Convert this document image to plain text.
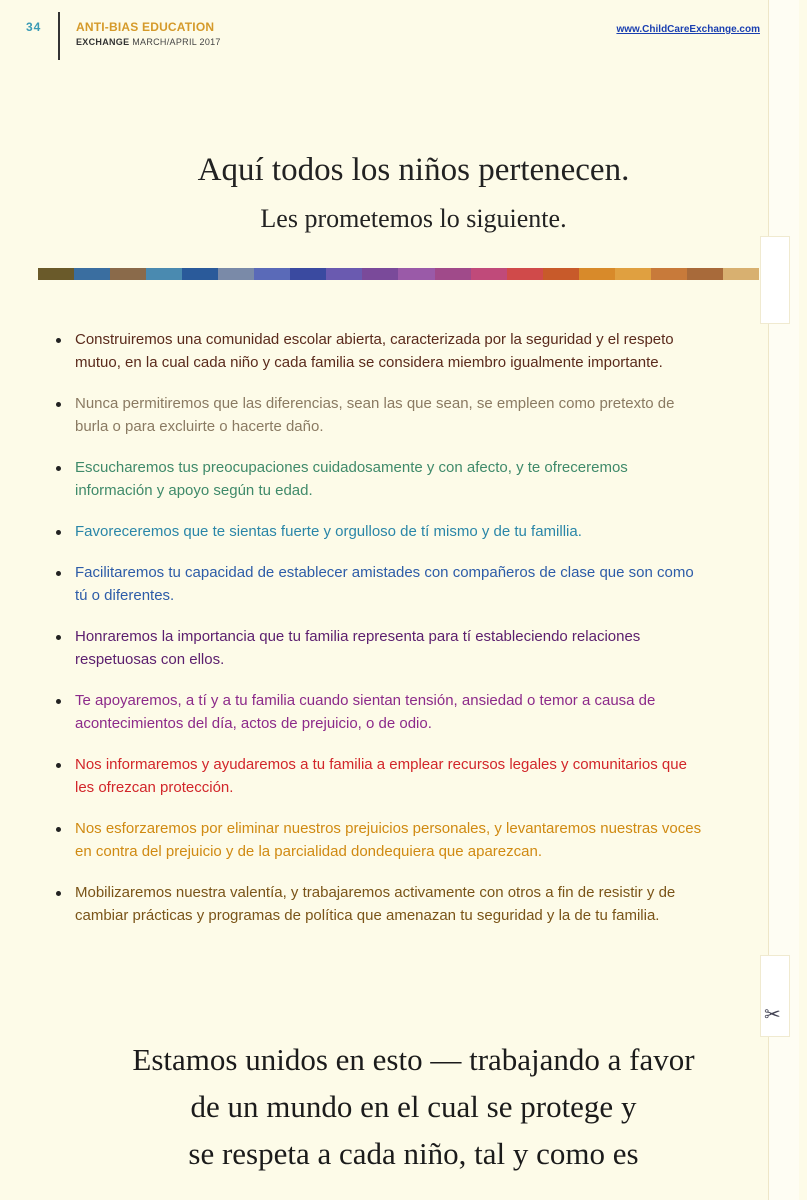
34	ANTI-BIAS EDUCATION
EXCHANGE MARCH/APRIL 2017
www.ChildCareExchange.com
✂
Aquí todos los niños pertenecen.
Les prometemos lo siguiente.
Construiremos una comunidad escolar abierta, caracterizada por la seguridad y el respeto mutuo, en la cual cada niño y cada familia se considera miembro igualmente importante.
Nunca permitiremos que las diferencias, sean las que sean, se empleen como pretexto de burla o para excluirte o hacerte daño.
Escucharemos tus preocupaciones cuidadosamente y con afecto, y te ofreceremos información y apoyo según tu edad.
Favoreceremos que te sientas fuerte y orgulloso de tí mismo y de tu famillia.
Facilitaremos tu capacidad de establecer amistades con compañeros de clase que son como tú o diferentes.
Honraremos la importancia que tu familia representa para tí estableciendo relaciones respetuosas con ellos.
Te apoyaremos, a tí y a tu familia cuando sientan tensión, ansiedad o temor a causa de acontecimientos del día, actos de prejuicio, o de odio.
Nos informaremos y ayudaremos a tu familia a emplear recursos legales y comunitarios que les ofrezcan protección.
Nos esforzaremos por eliminar nuestros prejuicios personales, y levantaremos nuestras voces en contra del prejuicio y de la parcialidad dondequiera que aparezcan.
Mobilizaremos nuestra valentía, y trabajaremos activamente con otros a fin de resistir y de cambiar prácticas y programas de política que amenazan tu seguridad y la de tu familia.
Estamos unidos en esto — trabajando a favor
de un mundo en el cual se protege y
se respeta a cada niño, tal y como es
